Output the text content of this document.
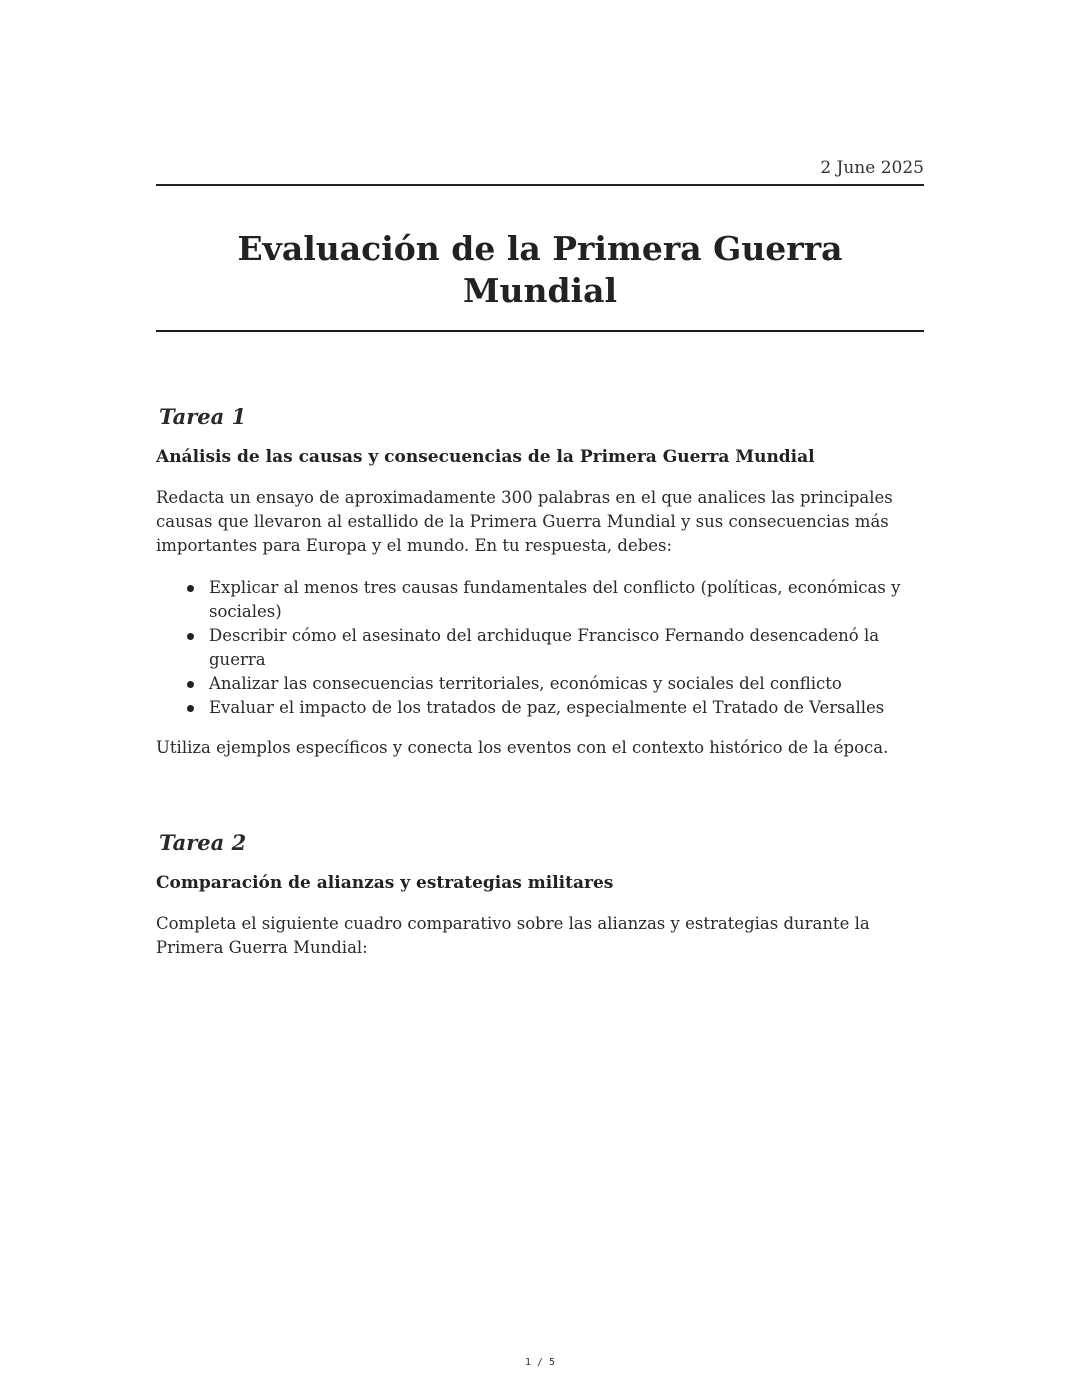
2 June 2025
Evaluación de la Primera Guerra Mundial
Tarea 1
Análisis de las causas y consecuencias de la Primera Guerra Mundial

Redacta un ensayo de aproximadamente 300 palabras en el que analices las principales causas que llevaron al estallido de la Primera Guerra Mundial y sus consecuencias más importantes para Europa y el mundo. En tu respuesta, debes:

Explicar al menos tres causas fundamentales del conflicto (políticas, económicas y sociales)
Describir cómo el asesinato del archiduque Francisco Fernando desencadenó la guerra
Analizar las consecuencias territoriales, económicas y sociales del conflicto
Evaluar el impacto de los tratados de paz, especialmente el Tratado de Versalles

Utiliza ejemplos específicos y conecta los eventos con el contexto histórico de la época.

Tarea 2
Comparación de alianzas y estrategias militares

Completa el siguiente cuadro comparativo sobre las alianzas y estrategias durante la Primera Guerra Mundial:

1 / 5
